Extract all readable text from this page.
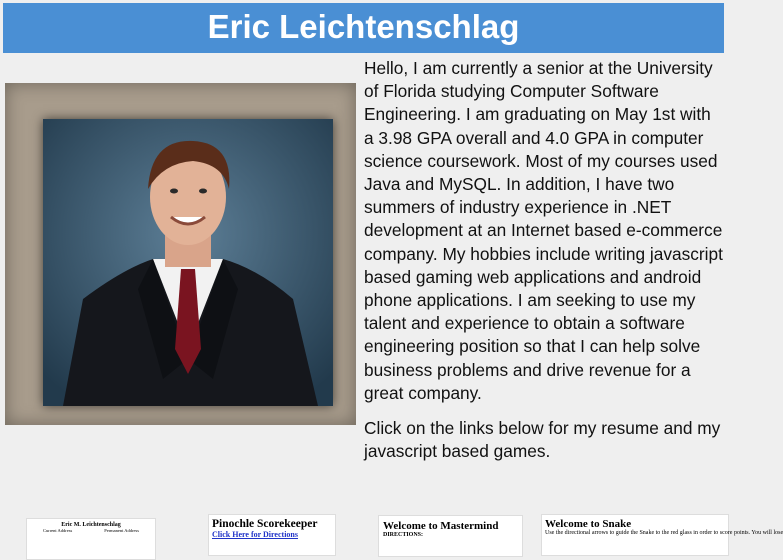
Eric Leichtenschlag

Hello, I am currently a senior at the University of Florida studying Computer Software Engineering. I am graduating on May 1st with a 3.98 GPA overall and 4.0 GPA in computer science coursework. Most of my courses used Java and MySQL. In addition, I have two summers of industry experience in .NET development at an Internet based e-commerce company. My hobbies include writing javascript based gaming web applications and android phone applications. I am seeking to use my talent and experience to obtain a software engineering position so that I can help solve business problems and drive revenue for a great company.

Click on the links below for my resume and my javascript based games.

Eric M. Leichtenschlag
Current Address	Permanent Address
Pinochle Scorekeeper
Click Here for Directions
Welcome to Mastermind
DIRECTIONS:
Welcome to Snake
Use the directional arrows to guide the Snake to the red glass in order to score points. You will lose
